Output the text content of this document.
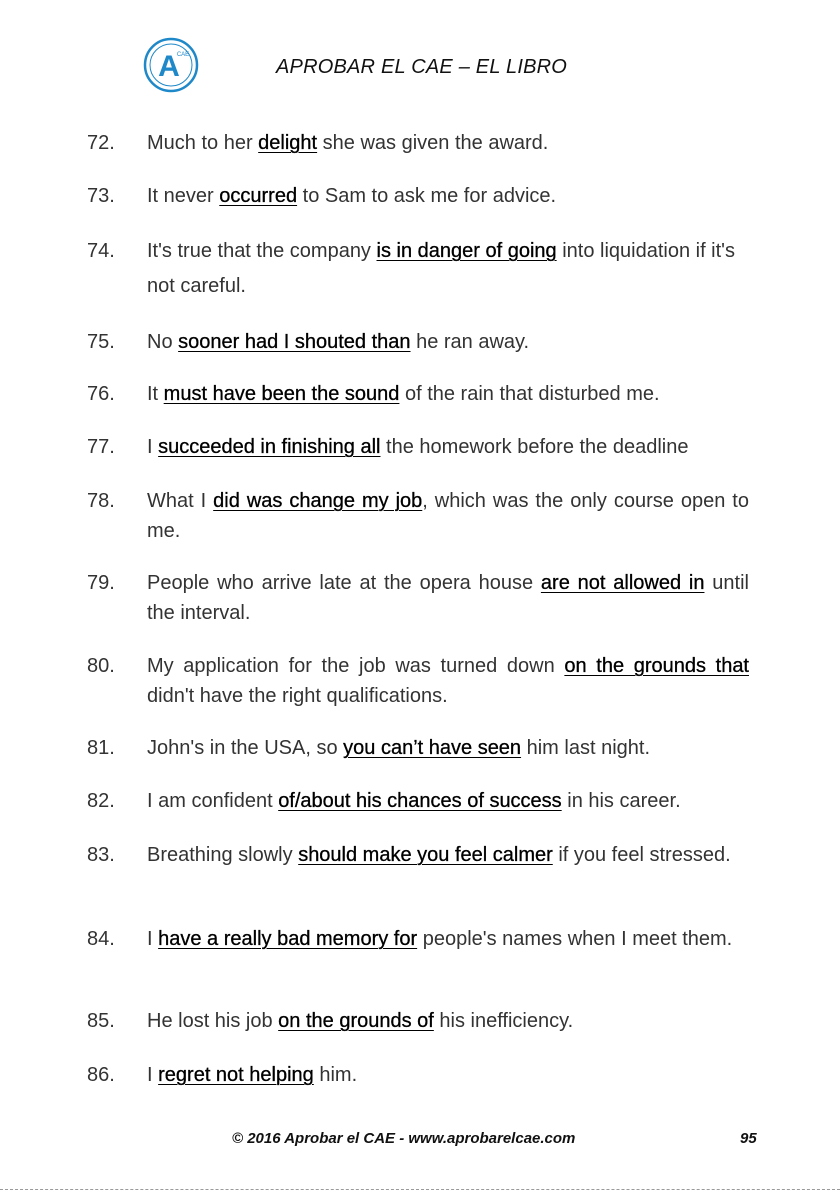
A
CAE
APROBAR EL CAE – EL LIBRO
72.	Much to her delight she was given the award.
73.	It never occurred to Sam to ask me for advice.
74.	It's true that the company is in danger of going into liquidation if it's not careful.
75.	No sooner had I shouted than he ran away.
76.	It must have been the sound of the rain that disturbed me.
77.	I succeeded in finishing all the homework before the deadline
78.	What I did was change my job, which was the only course open to me.
79.	People who arrive late at the opera house are not allowed in until the interval.
80.	My application for the job was turned down on the grounds that didn't have the right qualifications.
81.	John's in the USA, so you can’t have seen him last night.
82.	I am confident of/about his chances of success in his career.
83.	Breathing slowly should make you feel calmer if you feel stressed.
84.	I have a really bad memory for people's names when I meet them.
85.	He lost his job on the grounds of his inefficiency.
86.	I regret not helping him.
© 2016 Aprobar el CAE - www.aprobarelcae.com	95
